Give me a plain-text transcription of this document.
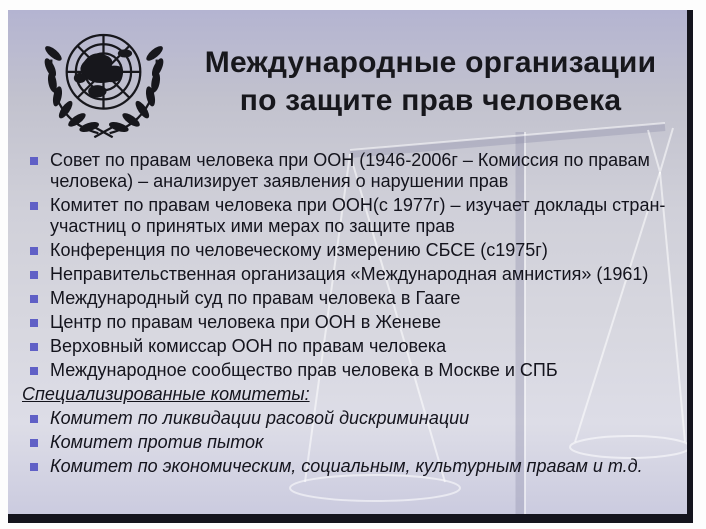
Международные организации
по защите прав человека
Совет по правам человека при ООН (1946-2006г – Комиссия по правам человека) – анализирует заявления о нарушении прав
Комитет по правам человека при ООН(с 1977г) – изучает доклады стран-участниц о принятых ими мерах по защите прав
Конференция по человеческому измерению СБСЕ (с1975г)
Неправительственная организация «Международная амнистия» (1961)
Международный суд по правам человека в Гааге
Центр по правам человека при ООН в Женеве
Верховный комиссар ООН по правам человека
Международное сообщество прав человека в Москве и СПБ
Специализированные комитеты:
Комитет по ликвидации расовой дискриминации
Комитет против пыток
Комитет по экономическим, социальным, культурным правам и т.д.
